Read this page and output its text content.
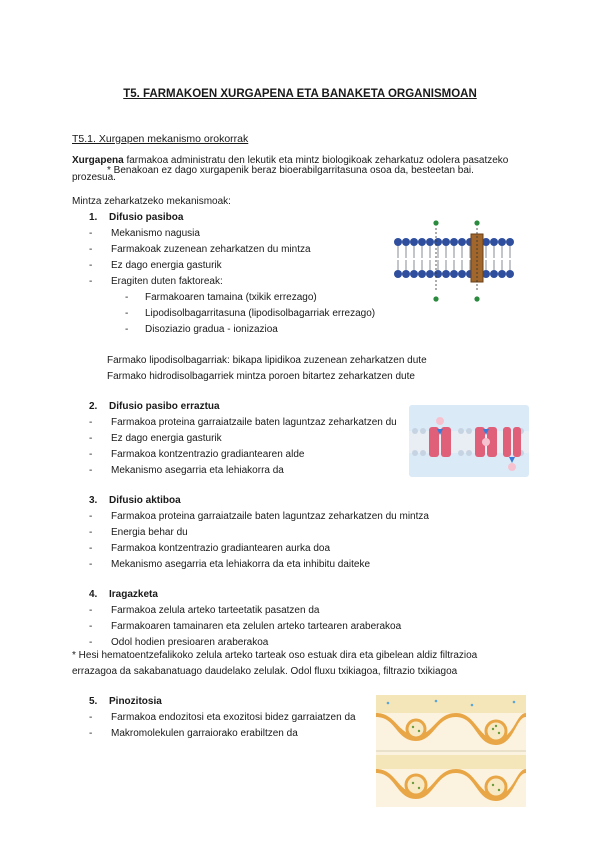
T5. FARMAKOEN XURGAPENA ETA BANAKETA ORGANISMOAN
T5.1. Xurgapen mekanismo orokorrak

Xurgapena farmakoa administratu den lekutik eta mintz biologikoak zeharkatuz odolera pasatzeko prozesua.
* Benakoan ez dago xurgapenik beraz bioerabilgarritasuna osoa da, besteetan bai.
Mintza zeharkatzeko mekanismoak:
1. Difusio pasiboa
- Mekanismo nagusia
- Farmakoak zuzenean zeharkatzen du mintza
- Ez dago energia gasturik
- Eragiten duten faktoreak:
- Farmakoaren tamaina (txikik errezago)
- Lipodisolbagarritasuna (lipodisolbagarriak errezago)
- Disoziazio gradua - ionizazioa
Farmako lipodisolbagarriak: bikapa lipidikoa zuzenean zeharkatzen dute
Farmako hidrodisolbagarriek mintza poroen bitartez zeharkatzen dute
2. Difusio pasibo erraztua
- Farmakoa proteina garraiatzaile baten laguntzaz zeharkatzen du
- Ez dago energia gasturik
- Farmakoa kontzentrazio gradiantearen alde
- Mekanismo asegarria eta lehiakorra da
3. Difusio aktiboa
- Farmakoa proteina garraiatzaile baten laguntzaz zeharkatzen du mintza
- Energia behar du
- Farmakoa kontzentrazio gradiantearen aurka doa
- Mekanismo asegarria eta lehiakorra da eta inhibitu daiteke
4. Iragazketa
- Farmakoa zelula arteko tarteetatik pasatzen da
- Farmakoaren tamainaren eta zelulen arteko tartearen araberakoa
- Odol hodien presioaren araberakoa
* Hesi hematoentzefalikoko zelula arteko tarteak oso estuak dira eta gibelean aldiz filtrazioa
errazagoa da sakabanatuago daudelako zelulak. Odol fluxu txikiagoa, filtrazio txikiagoa
5. Pinozitosia
- Farmakoa endozitosi eta exozitosi bidez garraiatzen da
- Makromolekulen garraiorako erabiltzen da
